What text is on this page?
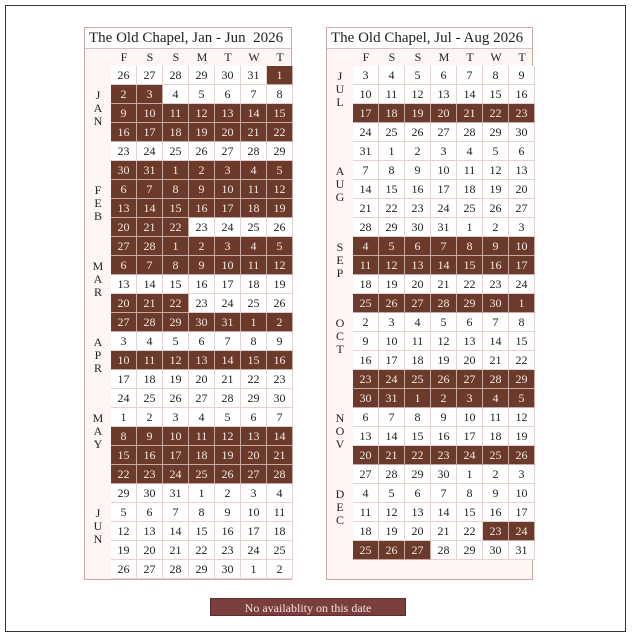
The Old Chapel, Jan - Jun  2026
F	S	S	M	T	W	T
26	27	28	29	30	31	1
2	3	4	5	6	7	8
9	10	11	12	13	14	15
16	17	18	19	20	21	22
23	24	25	26	27	28	29
30	31	1	2	3	4	5
6	7	8	9	10	11	12
13	14	15	16	17	18	19
20	21	22	23	24	25	26
27	28	1	2	3	4	5
6	7	8	9	10	11	12
13	14	15	16	17	18	19
20	21	22	23	24	25	26
27	28	29	30	31	1	2
3	4	5	6	7	8	9
10	11	12	13	14	15	16
17	18	19	20	21	22	23
24	25	26	27	28	29	30
1	2	3	4	5	6	7
8	9	10	11	12	13	14
15	16	17	18	19	20	21
22	23	24	25	26	27	28
29	30	31	1	2	3	4
5	6	7	8	9	10	11
12	13	14	15	16	17	18
19	20	21	22	23	24	25
26	27	28	29	30	1	2
J
A
N
F
E
B
M
A
R
A
P
R
M
A
Y
J
U
N
The Old Chapel, Jul - Aug 2026
F	S	S	M	T	W	T
3	4	5	6	7	8	9
10	11	12	13	14	15	16
17	18	19	20	21	22	23
24	25	26	27	28	29	30
31	1	2	3	4	5	6
7	8	9	10	11	12	13
14	15	16	17	18	19	20
21	22	23	24	25	26	27
28	29	30	31	1	2	3
4	5	6	7	8	9	10
11	12	13	14	15	16	17
18	19	20	21	22	23	24
25	26	27	28	29	30	1
2	3	4	5	6	7	8
9	10	11	12	13	14	15
16	17	18	19	20	21	22
23	24	25	26	27	28	29
30	31	1	2	3	4	5
6	7	8	9	10	11	12
13	14	15	16	17	18	19
20	21	22	23	24	25	26
27	28	29	30	1	2	3
4	5	6	7	8	9	10
11	12	13	14	15	16	17
18	19	20	21	22	23	24
25	26	27	28	29	30	31
J
U
L
A
U
G
S
E
P
O
C
T
N
O
V
D
E
C
No availablity on this date
